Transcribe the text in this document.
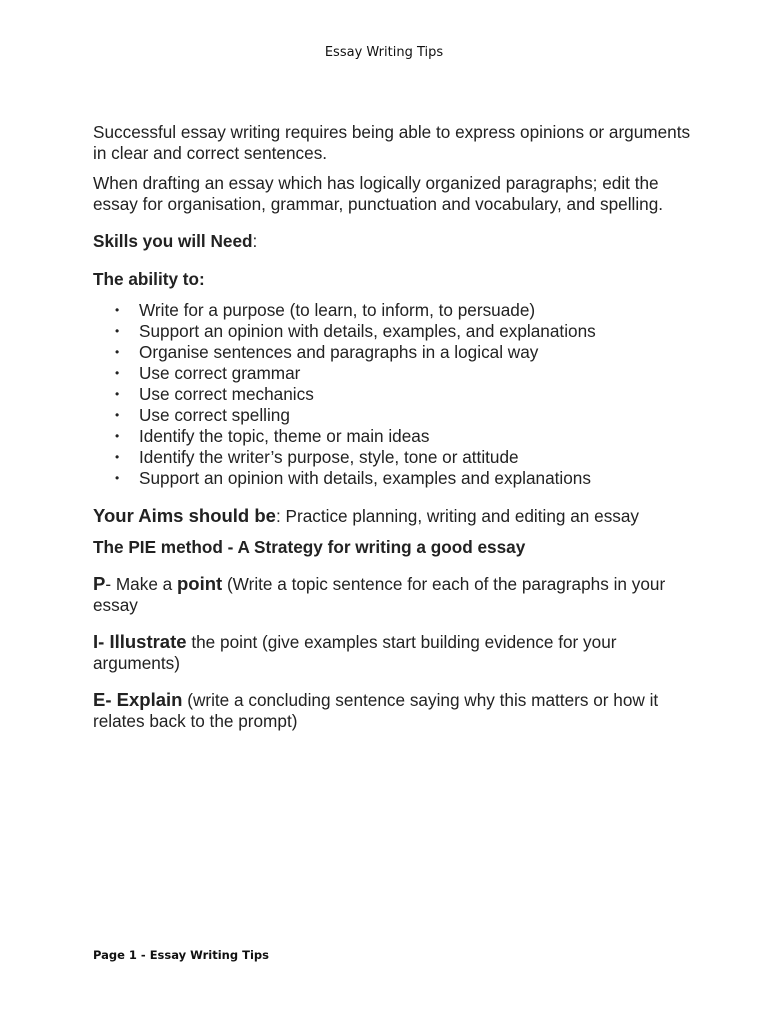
Essay Writing Tips

Successful essay writing requires being able to express opinions or arguments in clear and correct sentences.

When drafting an essay which has logically organized paragraphs; edit the essay for organisation, grammar, punctuation and vocabulary, and spelling.

Skills you will Need:

The ability to:

• Write for a purpose (to learn, to inform, to persuade)
• Support an opinion with details, examples, and explanations
• Organise sentences and paragraphs in a logical way
• Use correct grammar
• Use correct mechanics
• Use correct spelling
• Identify the topic, theme or main ideas
• Identify the writer’s purpose, style, tone or attitude
• Support an opinion with details, examples and explanations

Your Aims should be: Practice planning, writing and editing an essay

The PIE method - A Strategy for writing a good essay

P- Make a point (Write a topic sentence for each of the paragraphs in your essay

I- Illustrate the point (give examples start building evidence for your arguments)

E- Explain (write a concluding sentence saying why this matters or how it relates back to the prompt)

Page 1 - Essay Writing Tips
